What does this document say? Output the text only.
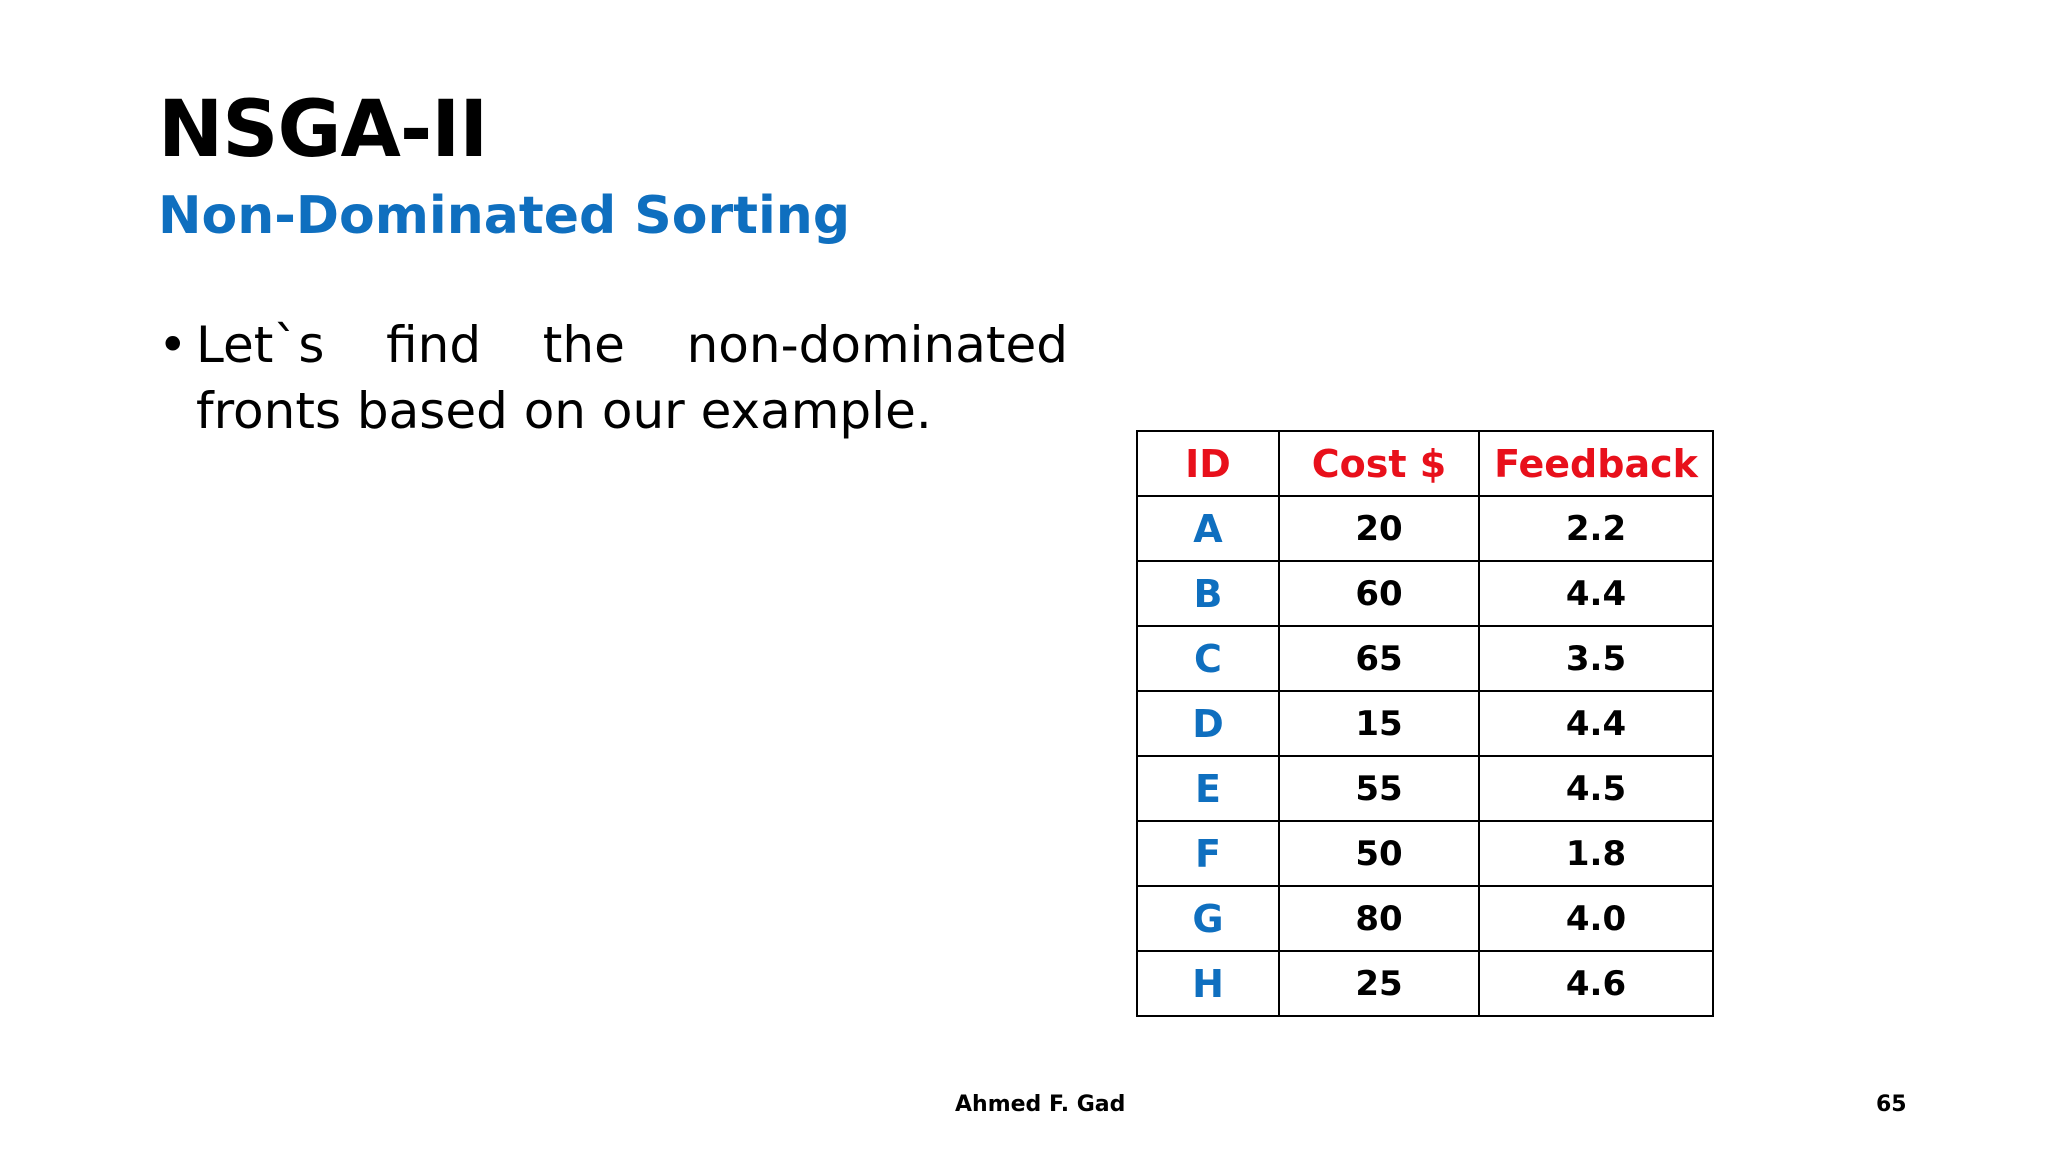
NSGA-II
Non-Dominated Sorting
• Let`s find the non-dominated
fronts based on our example.
ID	Cost $	Feedback
A	20	2.2
B	60	4.4
C	65	3.5
D	15	4.4
E	55	4.5
F	50	1.8
G	80	4.0
H	25	4.6
Ahmed F. Gad	65
